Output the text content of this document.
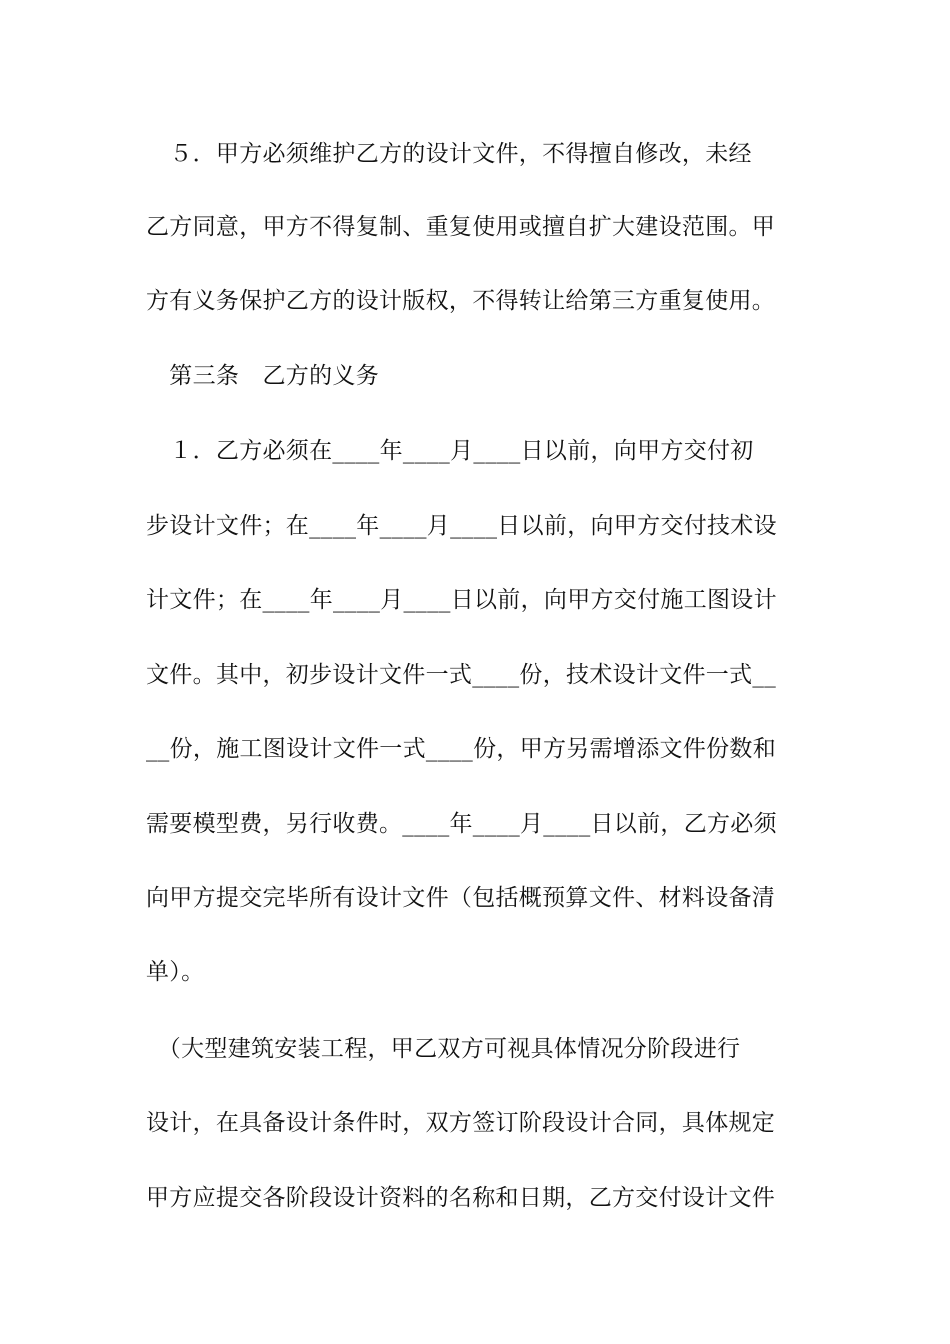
　５．甲方必须维护乙方的设计文件，不得擅自修改，未经
乙方同意，甲方不得复制、重复使用或擅自扩大建设范围。甲
方有义务保护乙方的设计版权，不得转让给第三方重复使用。
　第三条　乙方的义务
　１．乙方必须在____年____月____日以前，向甲方交付初
步设计文件；在____年____月____日以前，向甲方交付技术设
计文件；在____年____月____日以前，向甲方交付施工图设计
文件。其中，初步设计文件一式____份，技术设计文件一式__
__份，施工图设计文件一式____份，甲方另需增添文件份数和
需要模型费，另行收费。____年____月____日以前，乙方必须
向甲方提交完毕所有设计文件（包括概预算文件、材料设备清
单）。
　（大型建筑安装工程，甲乙双方可视具体情况分阶段进行
设计，在具备设计条件时，双方签订阶段设计合同，具体规定
甲方应提交各阶段设计资料的名称和日期，乙方交付设计文件
